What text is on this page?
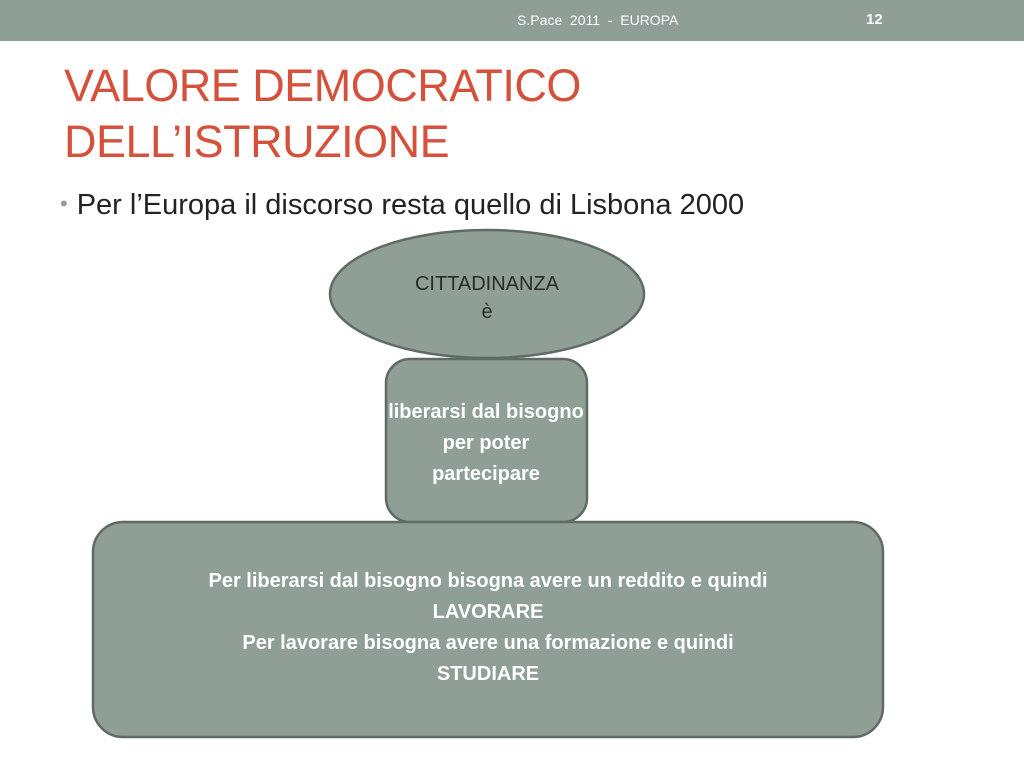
S.Pace  2011  -  EUROPA	12
VALORE DEMOCRATICO
DELL’ISTRUZIONE
• Per l’Europa il discorso resta quello di Lisbona 2000
CITTADINANZA
è
liberarsi dal bisogno per poter partecipare
Per liberarsi dal bisogno bisogna avere un reddito e quindi
LAVORARE
Per lavorare bisogna avere una formazione e quindi
STUDIARE
